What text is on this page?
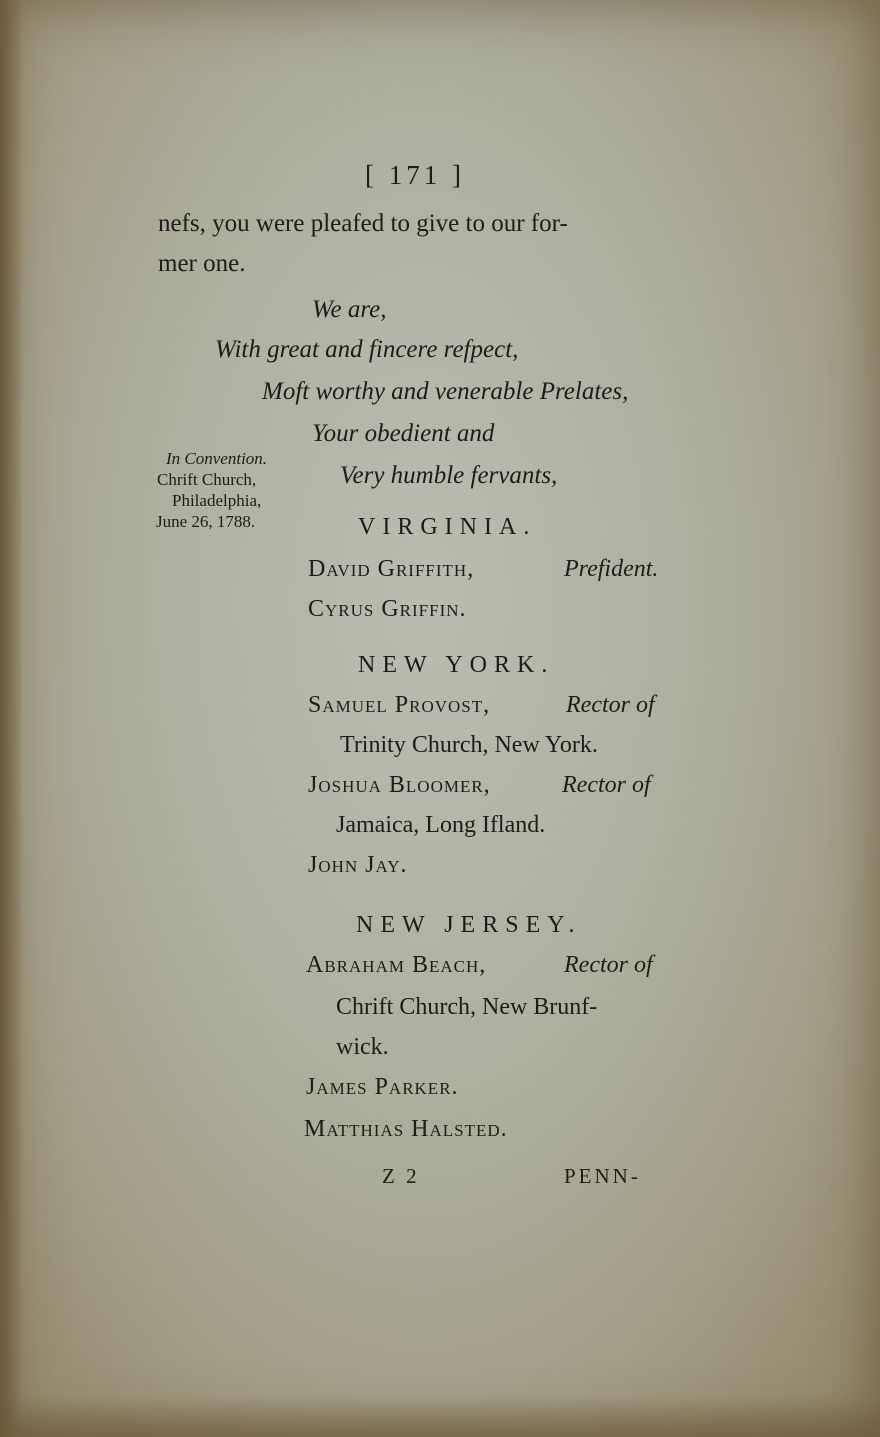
[ 171 ]
nefs, you were pleafed to give to our for-
mer one.
We are,
With great and fincere refpect,
Moft worthy and venerable Prelates,
Your obedient and
Very humble fervants,
In Convention.
Chrift Church,
Philadelphia,
June 26, 1788.	VIRGINIA.
David Griffith,	Prefident.
Cyrus Griffin.
NEW YORK.
Samuel Provost,	Rector of
Trinity Church, New York.
Joshua Bloomer,	Rector of
Jamaica, Long Ifland.
John Jay.
NEW JERSEY.
Abraham Beach,	Rector of
Chrift Church, New Brunf-
wick.
James Parker.
Matthias Halsted.
Z 2	PENN-
